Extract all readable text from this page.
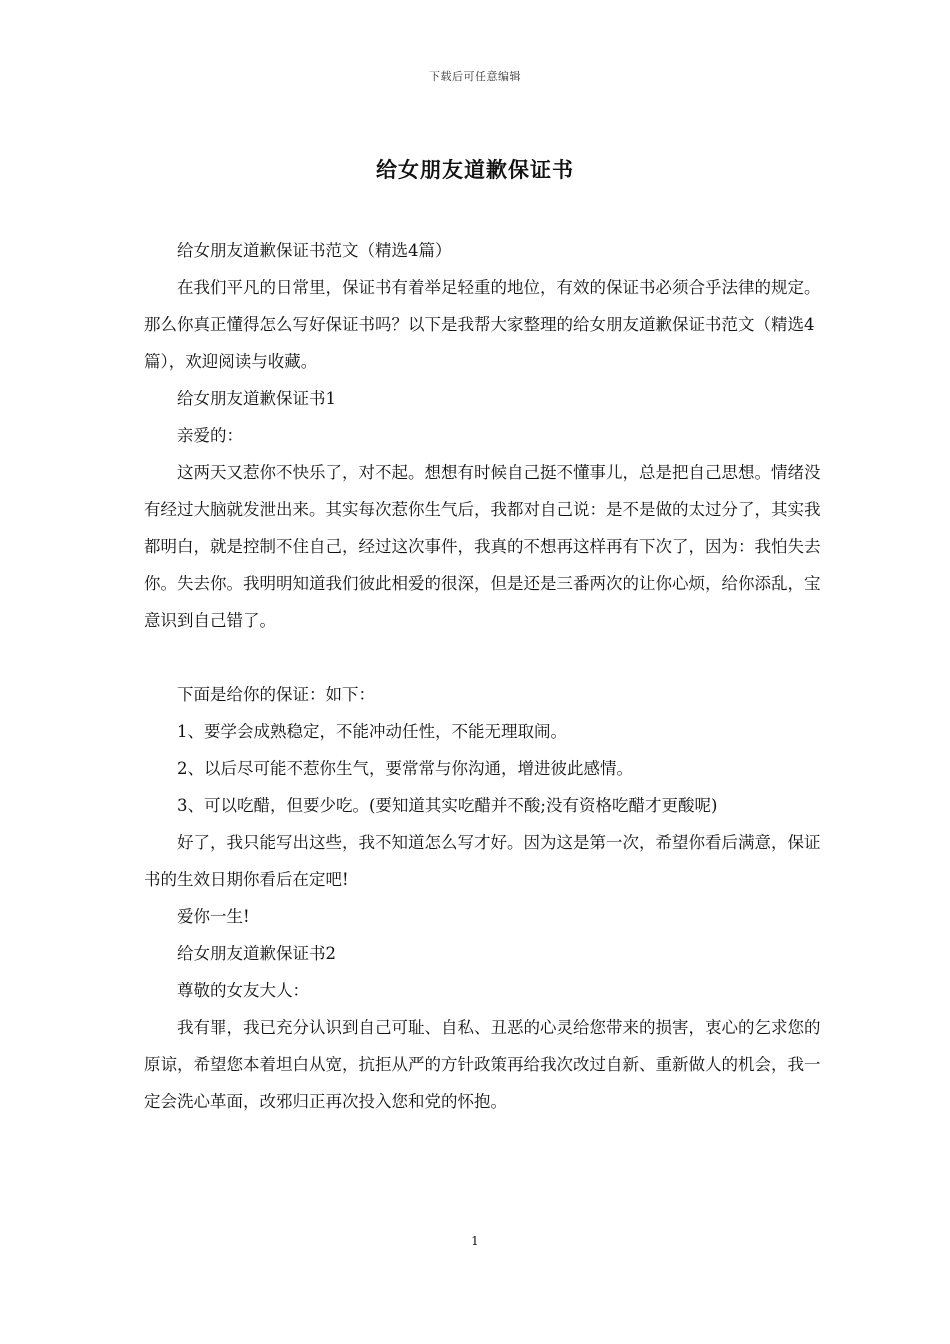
下载后可任意编辑
给女朋友道歉保证书

给女朋友道歉保证书范文（精选4篇）

在我们平凡的日常里，保证书有着举足轻重的地位，有效的保证书必须合乎法律的规定。那么你真正懂得怎么写好保证书吗？以下是我帮大家整理的给女朋友道歉保证书范文（精选4篇），欢迎阅读与收藏。

给女朋友道歉保证书1

亲爱的：

这两天又惹你不快乐了，对不起。想想有时候自己挺不懂事儿，总是把自己思想。情绪没有经过大脑就发泄出来。其实每次惹你生气后，我都对自己说：是不是做的太过分了，其实我都明白，就是控制不住自己，经过这次事件，我真的不想再这样再有下次了，因为：我怕失去你。失去你。我明明知道我们彼此相爱的很深，但是还是三番两次的让你心烦，给你添乱，宝意识到自己错了。

下面是给你的保证：如下：

1、要学会成熟稳定，不能冲动任性，不能无理取闹。

2、以后尽可能不惹你生气，要常常与你沟通，增进彼此感情。

3、可以吃醋，但要少吃。(要知道其实吃醋并不酸;没有资格吃醋才更酸呢)

好了，我只能写出这些，我不知道怎么写才好。因为这是第一次，希望你看后满意，保证书的生效日期你看后在定吧!

爱你一生!

给女朋友道歉保证书2

尊敬的女友大人：

我有罪，我已充分认识到自己可耻、自私、丑恶的心灵给您带来的损害，衷心的乞求您的原谅，希望您本着坦白从宽，抗拒从严的方针政策再给我次改过自新、重新做人的机会，我一定会洗心革面，改邪归正再次投入您和党的怀抱。

1
